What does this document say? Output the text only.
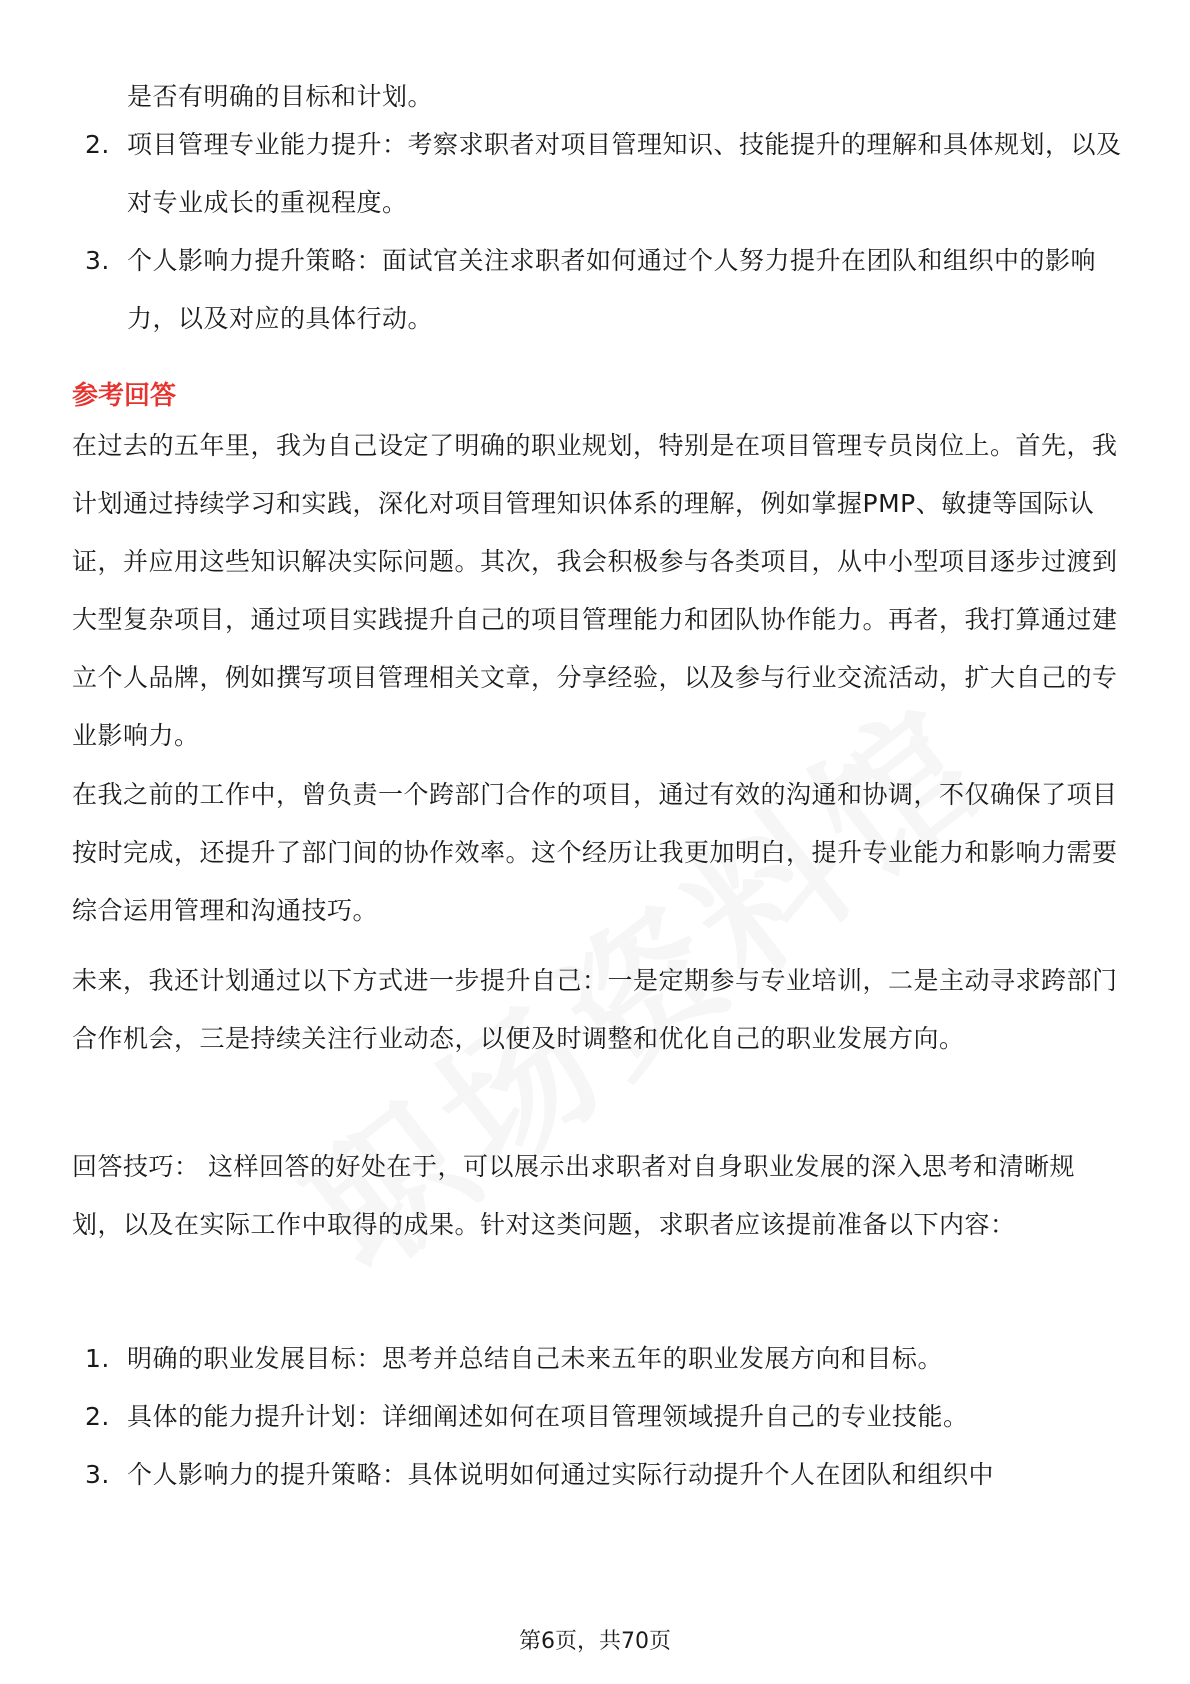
是否有明确的目标和计划。
2. 项目管理专业能力提升：考察求职者对项目管理知识、技能提升的理解和具体规划，以及对专业成长的重视程度。
3. 个人影响力提升策略：面试官关注求职者如何通过个人努力提升在团队和组织中的影响力，以及对应的具体行动。
参考回答

在过去的五年里，我为自己设定了明确的职业规划，特别是在项目管理专员岗位上。首先，我计划通过持续学习和实践，深化对项目管理知识体系的理解，例如掌握PMP、敏捷等国际认证，并应用这些知识解决实际问题。其次，我会积极参与各类项目，从中小型项目逐步过渡到大型复杂项目，通过项目实践提升自己的项目管理能力和团队协作能力。再者，我打算通过建立个人品牌，例如撰写项目管理相关文章，分享经验，以及参与行业交流活动，扩大自己的专业影响力。

在我之前的工作中，曾负责一个跨部门合作的项目，通过有效的沟通和协调，不仅确保了项目按时完成，还提升了部门间的协作效率。这个经历让我更加明白，提升专业能力和影响力需要综合运用管理和沟通技巧。

未来，我还计划通过以下方式进一步提升自己：一是定期参与专业培训，二是主动寻求跨部门合作机会，三是持续关注行业动态，以便及时调整和优化自己的职业发展方向。

回答技巧： 这样回答的好处在于，可以展示出求职者对自身职业发展的深入思考和清晰规划，以及在实际工作中取得的成果。针对这类问题，求职者应该提前准备以下内容：

1. 明确的职业发展目标：思考并总结自己未来五年的职业发展方向和目标。
2. 具体的能力提升计划：详细阐述如何在项目管理领域提升自己的专业技能。
3. 个人影响力的提升策略：具体说明如何通过实际行动提升个人在团队和组织中
第6页，共70页
